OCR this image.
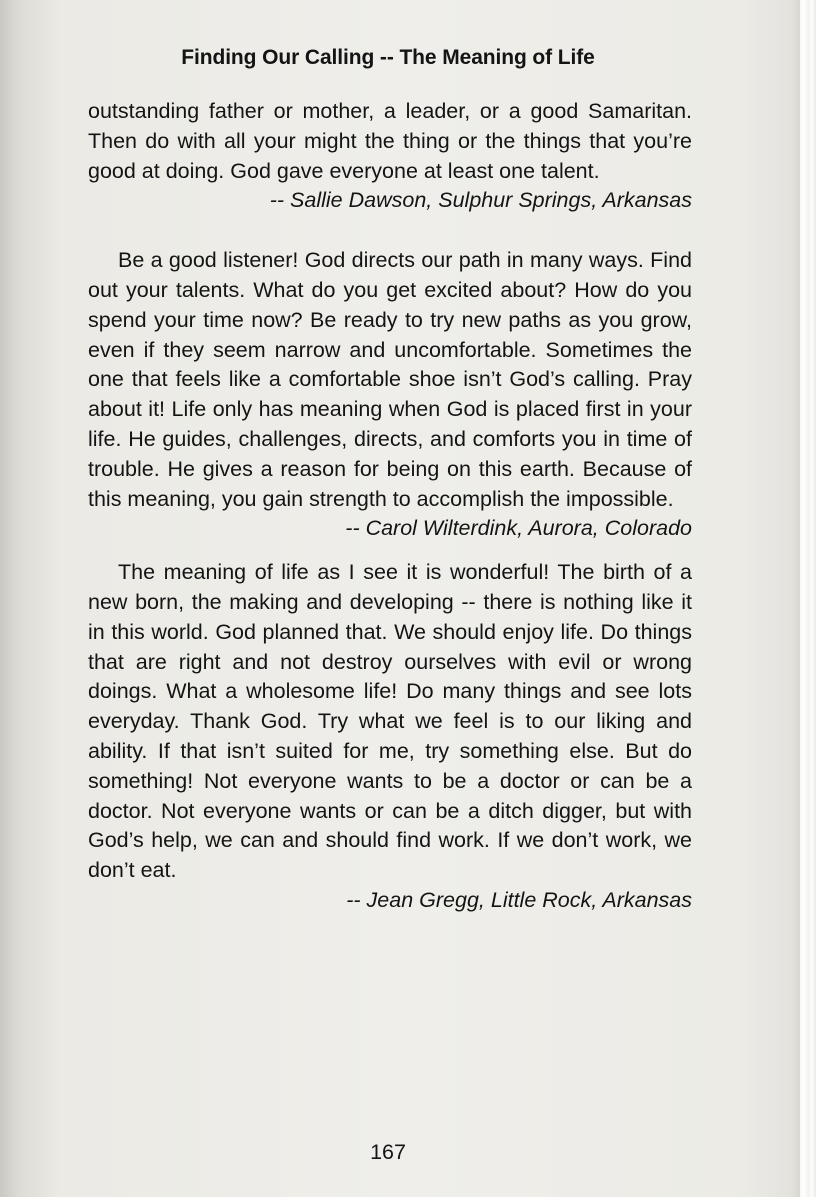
Finding Our Calling -- The Meaning of Life

outstanding father or mother, a leader, or a good Samaritan. Then do with all your might the thing or the things that you’re good at doing. God gave everyone at least one talent.

-- Sallie Dawson, Sulphur Springs, Arkansas

Be a good listener! God directs our path in many ways. Find out your talents. What do you get excited about? How do you spend your time now? Be ready to try new paths as you grow, even if they seem narrow and uncomfortable. Sometimes the one that feels like a comfortable shoe isn’t God’s calling. Pray about it! Life only has meaning when God is placed first in your life. He guides, challenges, directs, and comforts you in time of trouble. He gives a reason for being on this earth. Because of this meaning, you gain strength to accomplish the impossible.

-- Carol Wilterdink, Aurora, Colorado

The meaning of life as I see it is wonderful! The birth of a new born, the making and developing -- there is nothing like it in this world. God planned that. We should enjoy life. Do things that are right and not destroy ourselves with evil or wrong doings. What a wholesome life! Do many things and see lots everyday. Thank God. Try what we feel is to our liking and ability. If that isn’t suited for me, try something else. But do something! Not everyone wants to be a doctor or can be a doctor. Not everyone wants or can be a ditch digger, but with God’s help, we can and should find work. If we don’t work, we don’t eat.

-- Jean Gregg, Little Rock, Arkansas

167
